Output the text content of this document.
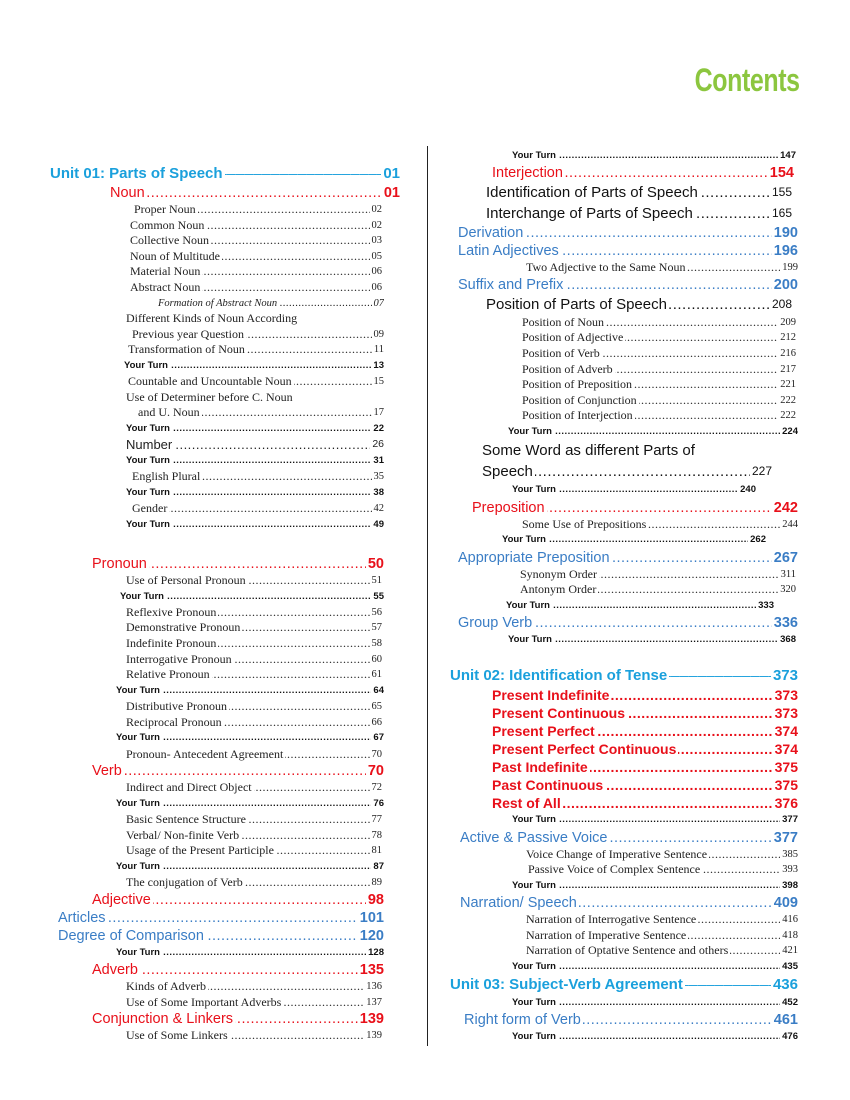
Contents
Unit 01: Parts of Speech	01
_____
Noun	01
.....
Proper Noun	02
.....
Common Noun	02
.....
Collective Noun	03
.....
Noun of Multitude	05
.....
Material Noun	06
.....
Abstract Noun	06
.....
Formation of Abstract Noun	07
.....
Different Kinds of Noun According
Previous year Question	09
.....
Transformation of Noun	11
.....
Your Turn	13
.....
Countable and Uncountable Noun	15
.....
Use of Determiner before C. Noun
and U. Noun	17
.....
Your Turn	22
.....
Number	26
.....
Your Turn	31
.....
English Plural	35
.....
Your Turn	38
.....
Gender	42
.....
Your Turn	49
.....
Pronoun	50
.....
Use of Personal Pronoun	51
.....
Your Turn	55
.....
Reflexive Pronoun	56
.....
Demonstrative Pronoun	57
.....
Indefinite Pronoun	58
.....
Interrogative Pronoun	60
.....
Relative Pronoun	61
.....
Your Turn	64
.....
Distributive Pronoun	65
.....
Reciprocal Pronoun	66
.....
Your Turn	67
.....
Pronoun- Antecedent Agreement	70
.....
Verb	70
.....
Indirect and Direct Object	72
.....
Your Turn	76
.....
Basic Sentence Structure	77
.....
Verbal/ Non-finite Verb	78
.....
Usage of the Present Participle	81
.....
Your Turn	87
.....
The conjugation of Verb	89
.....
Adjective	98
.....
Articles	101
.....
Degree of Comparison	120
.....
Your Turn	128
.....
Adverb	135
.....
Kinds of Adverb	136
.....
Use of Some Important Adverbs	137
.....
Conjunction & Linkers	139
.....
Use of Some Linkers	139
.....
Your Turn	147
.....
Interjection	154
.....
Identification of Parts of Speech	155
.....
Interchange of Parts of Speech	165
.....
Derivation	190
.....
Latin Adjectives	196
.....
Two Adjective to the Same Noun	199
.....
Suffix and Prefix	200
.....
Position of Parts of Speech	208
.....
Position of Noun	209
.....
Position of Adjective	212
.....
Position of Verb	216
.....
Position of Adverb	217
.....
Position of Preposition	221
.....
Position of Conjunction	222
.....
Position of Interjection	222
.....
Your Turn	224
.....
Some Word as different Parts of
Speech	227
.....
Your Turn	240
.....
Preposition	242
.....
Some Use of Prepositions	244
.....
Your Turn	262
.....
Appropriate Preposition	267
.....
Synonym Order	311
.....
Antonym Order	320
.....
Your Turn	333
.....
Group Verb	336
.....
Your Turn	368
.....
Unit 02: Identification of Tense	373
_____
Present Indefinite	373
.....
Present Continuous	373
.....
Present Perfect	374
.....
Present Perfect Continuous	374
.....
Past Indefinite	375
.....
Past Continuous	375
.....
Rest of All	376
.....
Your Turn	377
.....
Active & Passive Voice	377
.....
Voice Change of Imperative Sentence	385
.....
Passive Voice of Complex Sentence	393
.....
Your Turn	398
.....
Narration/ Speech	409
.....
Narration of Interrogative Sentence	416
.....
Narration of Imperative Sentence	418
.....
Narration of Optative Sentence and others	421
.....
Your Turn	435
.....
Unit 03: Subject-Verb Agreement	436
_____
Your Turn	452
.....
Right form of Verb	461
.....
Your Turn	476
.....
